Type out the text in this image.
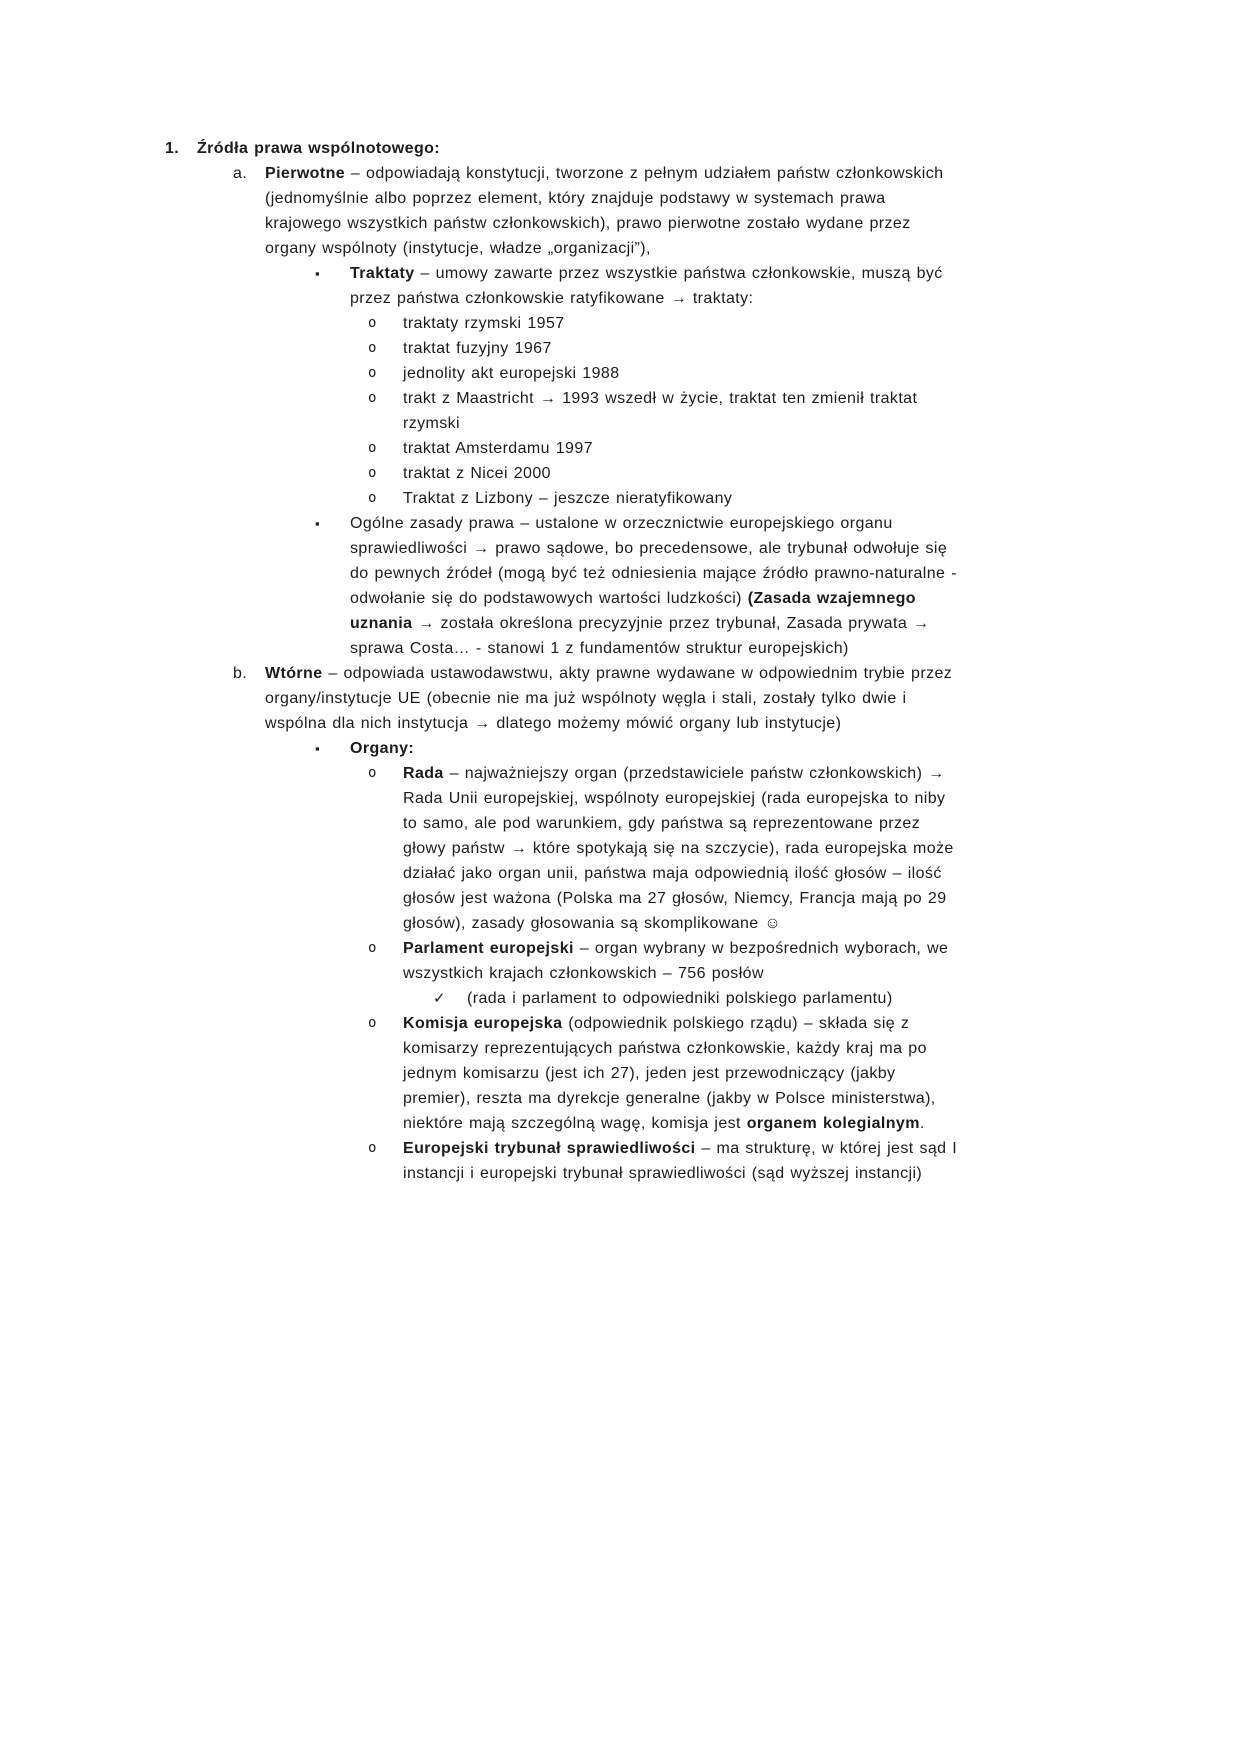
1. Źródła prawa wspólnotowego:
a. Pierwotne – odpowiadają konstytucji, tworzone z pełnym udziałem państw członkowskich (jednomyślnie albo poprzez element, który znajduje podstawy w systemach prawa krajowego wszystkich państw członkowskich), prawo pierwotne zostało wydane przez organy wspólnoty (instytucje, władze „organizacji”),
▪ Traktaty – umowy zawarte przez wszystkie państwa członkowskie, muszą być przez państwa członkowskie ratyfikowane → traktaty:
o traktaty rzymski 1957
o traktat fuzyjny 1967
o jednolity akt europejski 1988
o trakt z Maastricht → 1993 wszedł w życie, traktat ten zmienił traktat rzymski
o traktat Amsterdamu 1997
o traktat z Nicei 2000
o Traktat z Lizbony – jeszcze nieratyfikowany
▪ Ogólne zasady prawa – ustalone w orzecznictwie europejskiego organu sprawiedliwości → prawo sądowe, bo precedensowe, ale trybunał odwołuje się do pewnych źródeł (mogą być też odniesienia mające źródło prawno-naturalne - odwołanie się do podstawowych wartości ludzkości) (Zasada wzajemnego uznania → została określona precyzyjnie przez trybunał, Zasada prywata → sprawa Costa… - stanowi 1 z fundamentów struktur europejskich)
b. Wtórne – odpowiada ustawodawstwu, akty prawne wydawane w odpowiednim trybie przez organy/instytucje UE (obecnie nie ma już wspólnoty węgla i stali, zostały tylko dwie i wspólna dla nich instytucja → dlatego możemy mówić organy lub instytucje)
▪ Organy:
o Rada – najważniejszy organ (przedstawiciele państw członkowskich) → Rada Unii europejskiej, wspólnoty europejskiej (rada europejska to niby to samo, ale pod warunkiem, gdy państwa są reprezentowane przez głowy państw → które spotykają się na szczycie), rada europejska może działać jako organ unii, państwa maja odpowiednią ilość głosów – ilość głosów jest ważona (Polska ma 27 głosów, Niemcy, Francja mają po 29 głosów), zasady głosowania są skomplikowane ☺
o Parlament europejski – organ wybrany w bezpośrednich wyborach, we wszystkich krajach członkowskich – 756 posłów
✓ (rada i parlament to odpowiedniki polskiego parlamentu)
o Komisja europejska (odpowiednik polskiego rządu) – składa się z komisarzy reprezentujących państwa członkowskie, każdy kraj ma po jednym komisarzu (jest ich 27), jeden jest przewodniczący (jakby premier), reszta ma dyrekcje generalne (jakby w Polsce ministerstwa), niektóre mają szczególną wagę, komisja jest organem kolegialnym.
o Europejski trybunał sprawiedliwości – ma strukturę, w której jest sąd I instancji i europejski trybunał sprawiedliwości (sąd wyższej instancji)
